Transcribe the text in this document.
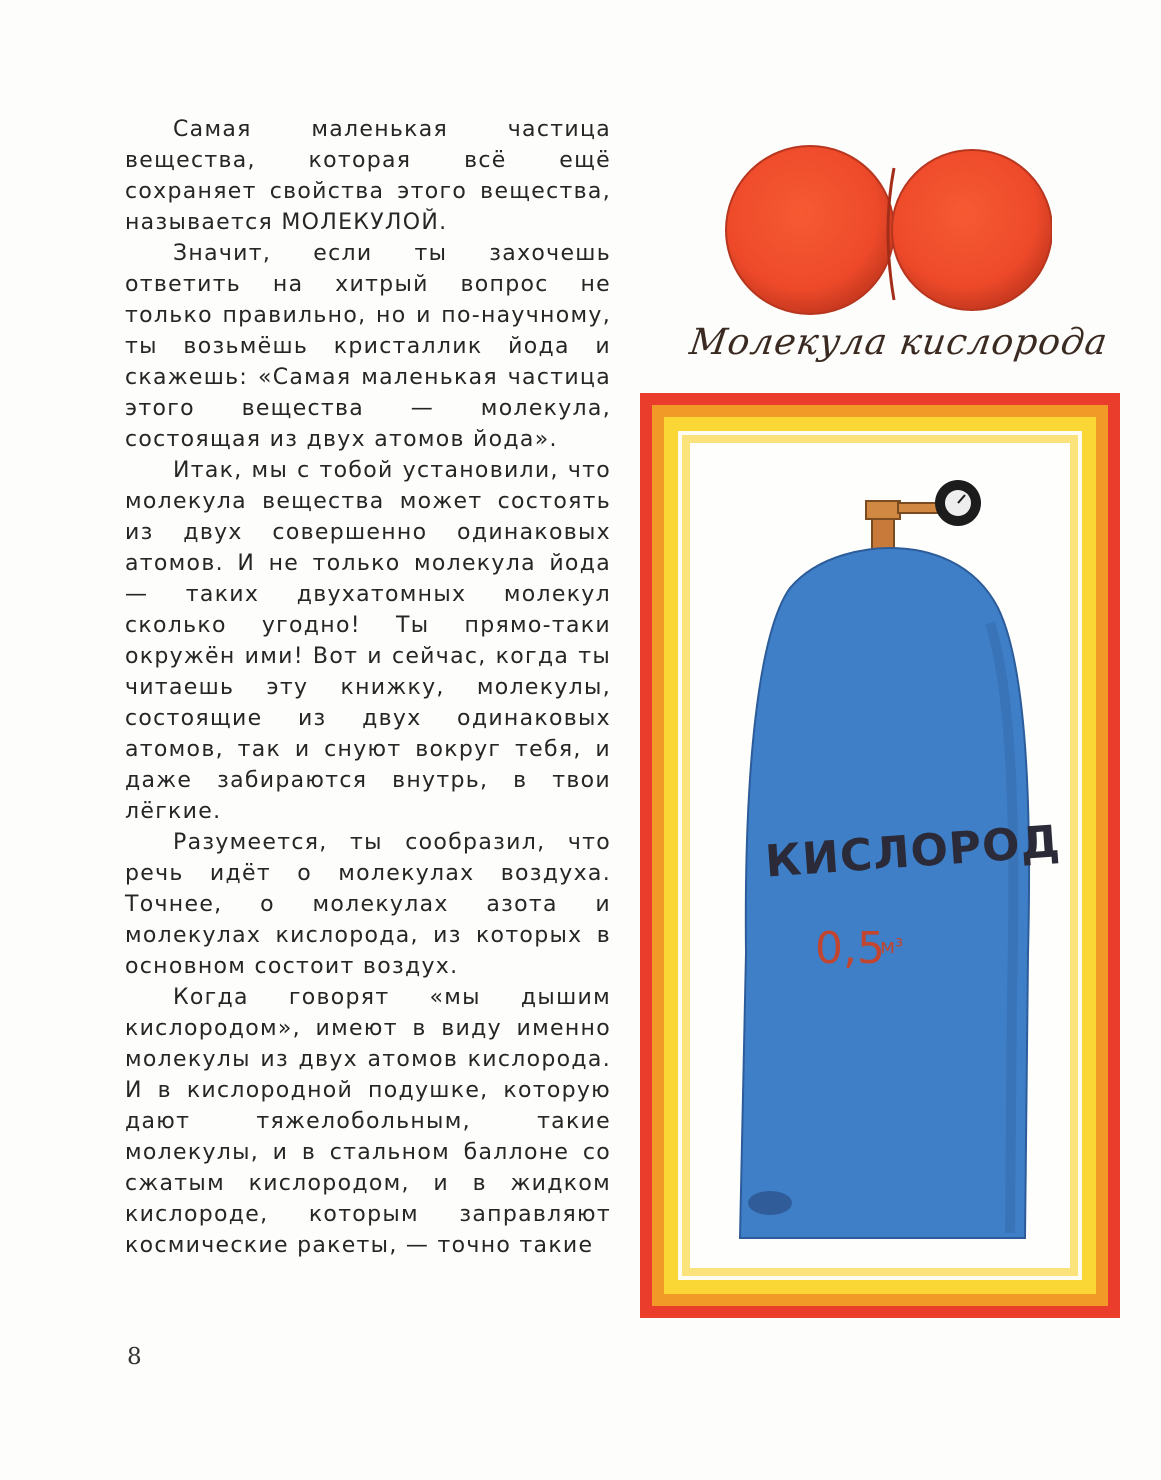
Самая маленькая частица вещества, которая всё ещё сохраняет свойства этого вещества, называется МОЛЕКУЛОЙ.

Значит, если ты захочешь ответить на хитрый вопрос не только правильно, но и по-научному, ты возьмёшь кристаллик йода и скажешь: «Самая маленькая частица этого вещества — молекула, состоящая из двух атомов йода».

Итак, мы с тобой установили, что молекула вещества может состоять из двух совершенно одинаковых атомов. И не только молекула йода — таких двухатомных молекул сколько угодно! Ты прямо-таки окружён ими! Вот и сейчас, когда ты читаешь эту книжку, молекулы, состоящие из двух одинаковых атомов, так и снуют вокруг тебя, и даже забираются внутрь, в твои лёгкие.

Разумеется, ты сообразил, что речь идёт о молекулах воздуха. Точнее, о молекулах азота и молекулах кислорода, из которых в основном состоит воздух.

Когда говорят «мы дышим кислородом», имеют в виду именно молекулы из двух атомов кислорода. И в кислородной подушке, которую дают тяжелобольным, такие молекулы, и в стальном баллоне со сжатым кислородом, и в жидком кислороде, которым заправляют космические ракеты, — точно такие

8
Молекула кислорода
КИСЛОРОД
0,5
м³
